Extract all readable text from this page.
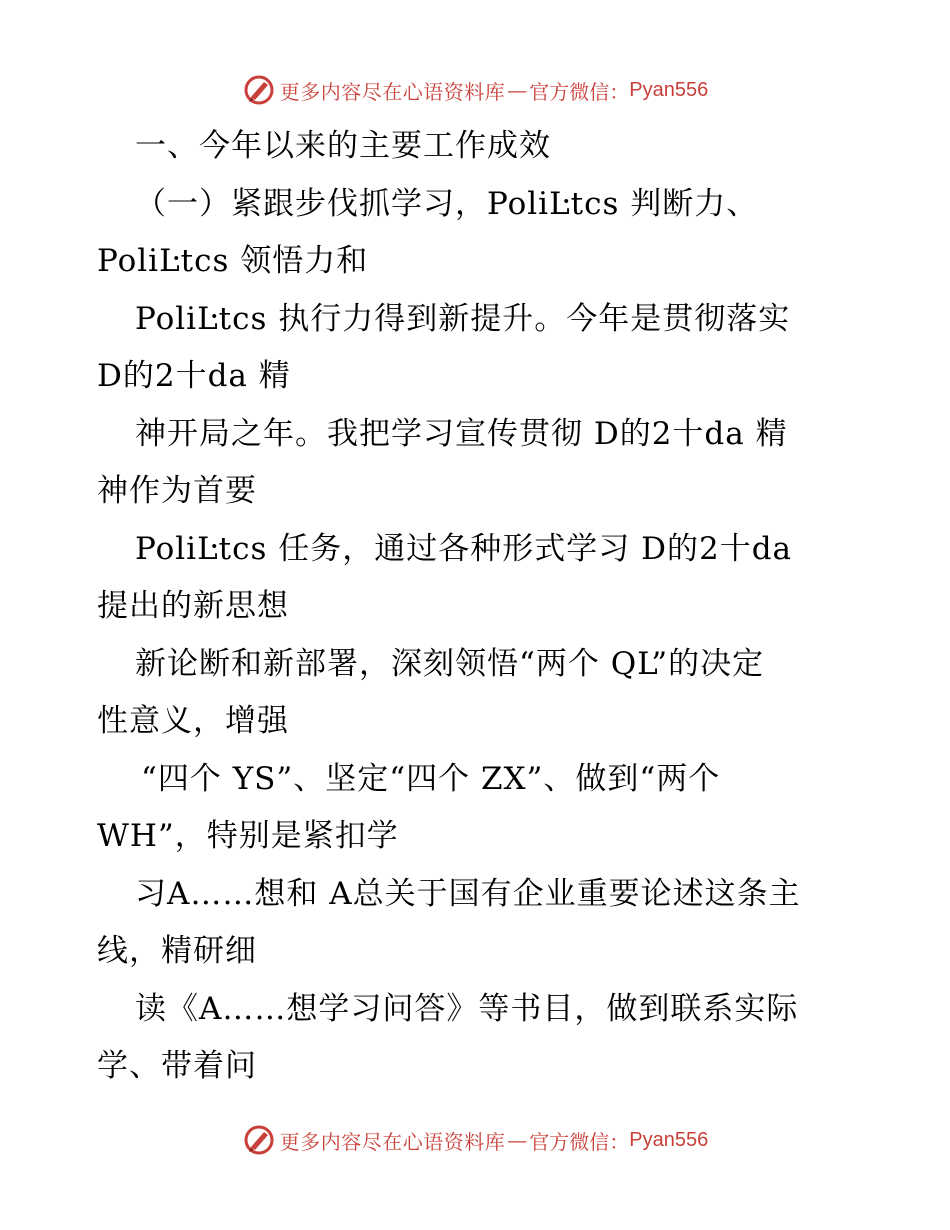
更多内容尽在心语资料库 — 官方微信： Pyan556
一、今年以来的主要工作成效
（一）紧跟步伐抓学习，PoliĿtcs 判断力、
PoliĿtcs 领悟力和
PoliĿtcs 执行力得到新提升。今年是贯彻落实
D的2十da 精
神开局之年。我把学习宣传贯彻 D的2十da 精
神作为首要
PoliĿtcs 任务，通过各种形式学习 D的2十da
提出的新思想
新论断和新部署，深刻领悟“两个 QL”的决定
性意义，增强
“四个 YS”、坚定“四个 ZX”、做到“两个
WH”，特别是紧扣学
习A……想和 A总关于国有企业重要论述这条主
线，精研细
读《A……想学习问答》等书目，做到联系实际
学、带着问
更多内容尽在心语资料库 — 官方微信： Pyan556
